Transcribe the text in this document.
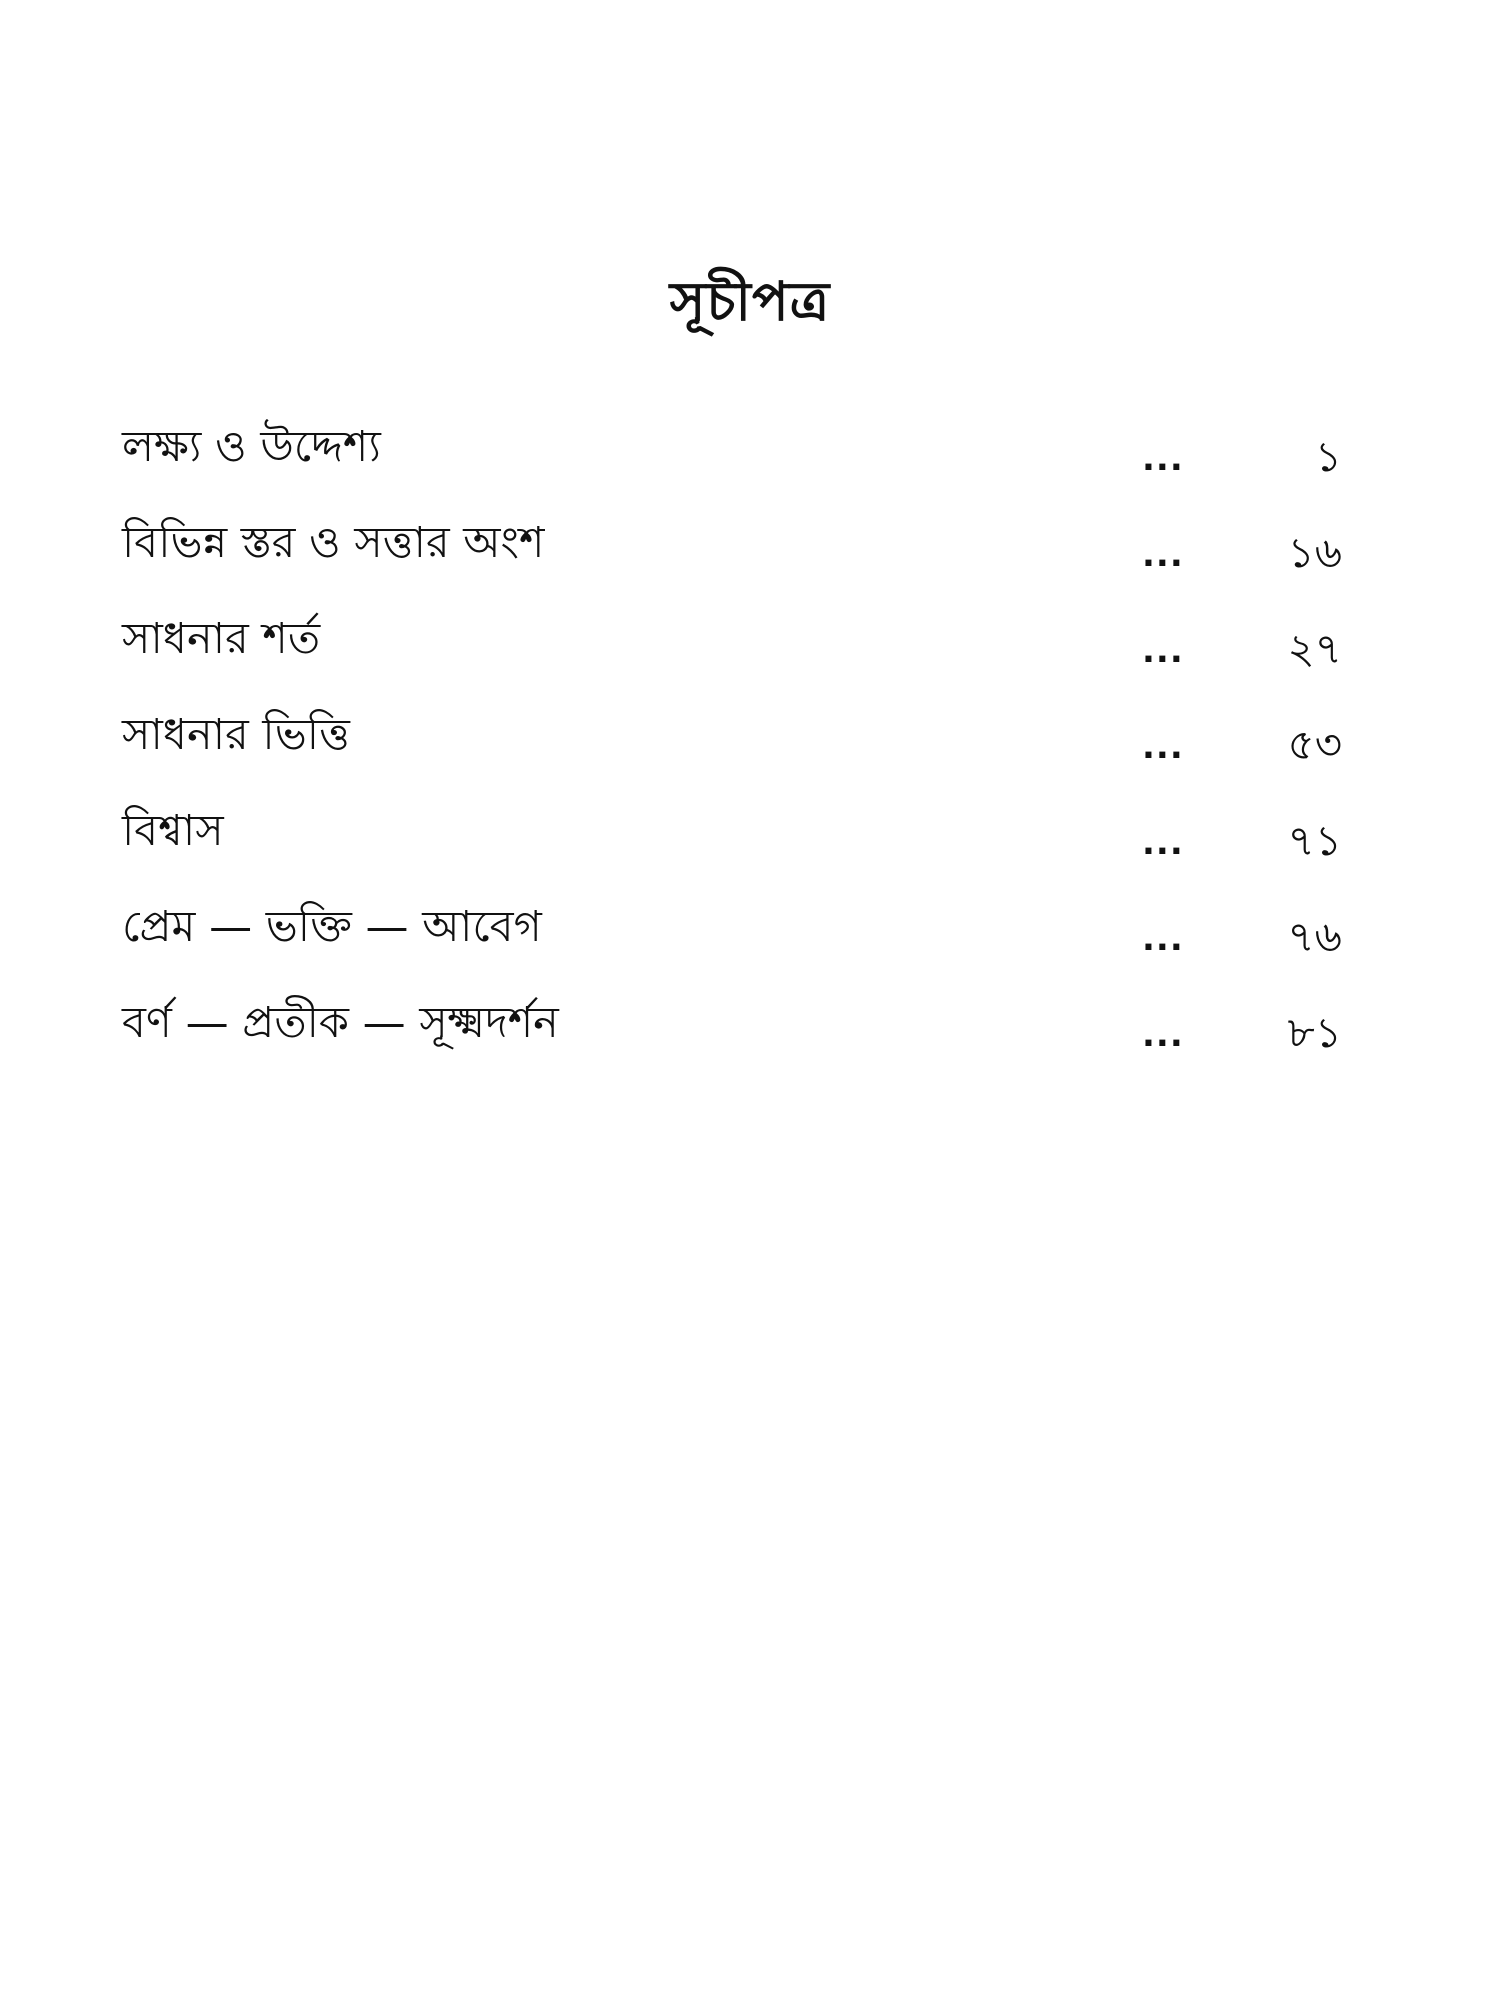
সূচীপত্র
লক্ষ্য ও উদ্দেশ্য	...	১
বিভিন্ন স্তর ও সত্তার অংশ	...	১৬
সাধনার শর্ত	...	২৭
সাধনার ভিত্তি	...	৫৩
বিশ্বাস	...	৭১
প্রেম — ভক্তি — আবেগ	...	৭৬
বর্ণ — প্রতীক — সূক্ষ্মদর্শন	...	৮১
